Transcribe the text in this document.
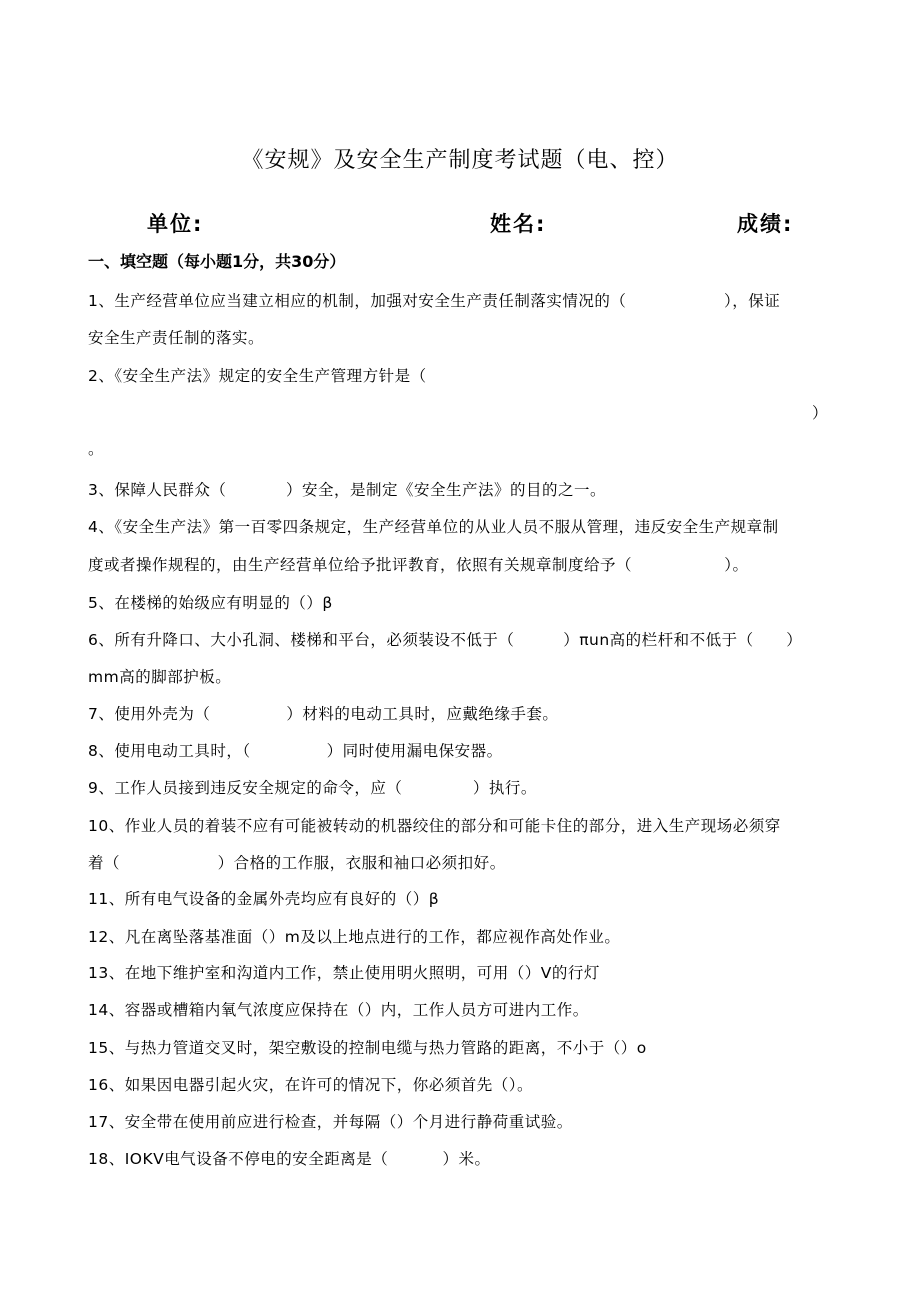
《安规》及安全生产制度考试题（电、控）
单位:	姓名:	成绩:
一、填空题（每小题1分，共30分）
1、生产经营单位应当建立相应的机制，加强对安全生产责任制落实情况的（                  ），保证
安全生产责任制的落实。
2、《安全生产法》规定的安全生产管理方针是（
）
。
3、保障人民群众（           ）安全，是制定《安全生产法》的目的之一。
4、《安全生产法》第一百零四条规定，生产经营单位的从业人员不服从管理，违反安全生产规章制
度或者操作规程的，由生产经营单位给予批评教育，依照有关规章制度给予（                 ）。
5、在楼梯的始级应有明显的（）β
6、所有升降口、大小孔洞、楼梯和平台，必须装设不低于（         ）πun高的栏杆和不低于（      ）
mm高的脚部护板。
7、使用外壳为（              ）材料的电动工具时，应戴绝缘手套。
8、使用电动工具时，（              ）同时使用漏电保安器。
9、工作人员接到违反安全规定的命令，应（             ）执行。
10、作业人员的着装不应有可能被转动的机器绞住的部分和可能卡住的部分，进入生产现场必须穿
着（                  ）合格的工作服，衣服和袖口必须扣好。
11、所有电气设备的金属外壳均应有良好的（）β
12、凡在离坠落基准面（）m及以上地点进行的工作，都应视作高处作业。
13、在地下维护室和沟道内工作，禁止使用明火照明，可用（）V的行灯
14、容器或槽箱内氧气浓度应保持在（）内，工作人员方可进内工作。
15、与热力管道交叉时，架空敷设的控制电缆与热力管路的距离，不小于（）o
16、如果因电器引起火灾，在许可的情况下，你必须首先（）。
17、安全带在使用前应进行检查，并每隔（）个月进行静荷重试验。
18、IOKV电气设备不停电的安全距离是（          ）米。
